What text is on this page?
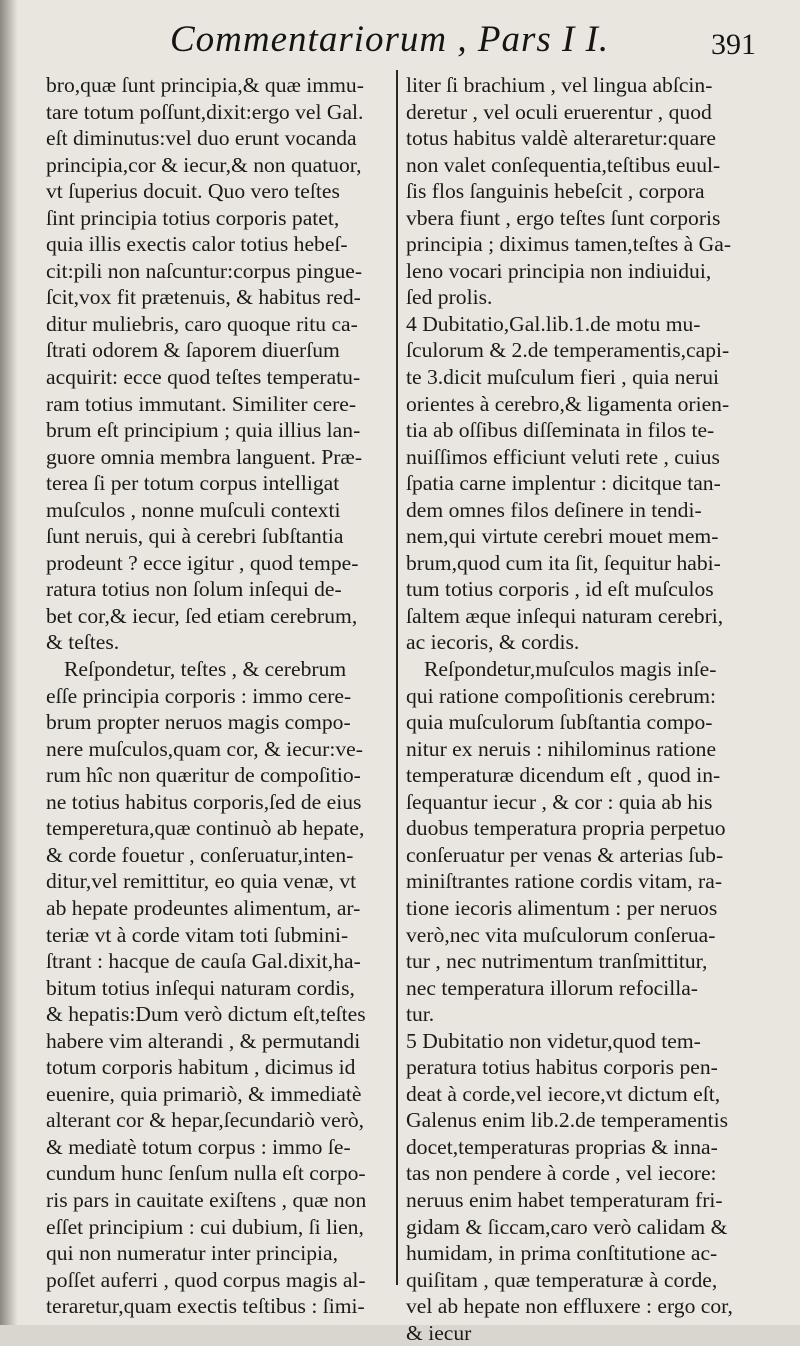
Commentariorum , Pars I I.	391
bro,quæ ſunt principia,& quæ immu-
tare totum poſſunt,dixit:ergo vel Gal.
eſt diminutus:vel duo erunt vocanda
principia,cor & iecur,& non quatuor,
vt ſuperius docuit. Quo vero teſtes
ſint principia totius corporis patet,
quia illis exectis calor totius hebeſ-
cit:pili non naſcuntur:corpus pingue-
ſcit,vox fit prætenuis, & habitus red-
ditur muliebris, caro quoque ritu ca-
ſtrati odorem & ſaporem diuerſum
acquirit: ecce quod teſtes temperatu-
ram totius immutant. Similiter cere-
brum eſt principium ; quia illius lan-
guore omnia membra languent. Præ-
terea ſi per totum corpus intelligat
muſculos , nonne muſculi contexti
ſunt neruis, qui à cerebri ſubſtantia
prodeunt ? ecce igitur , quod tempe-
ratura totius non ſolum inſequi de-
bet cor,& iecur, ſed etiam cerebrum,
& teſtes.
Reſpondetur, teſtes , & cerebrum
eſſe principia corporis : immo cere-
brum propter neruos magis compo-
nere muſculos,quam cor, & iecur:ve-
rum hîc non quæritur de compoſitio-
ne totius habitus corporis,ſed de eius
temperetura,quæ continuò ab hepate,
& corde fouetur , conſeruatur,inten-
ditur,vel remittitur, eo quia venæ, vt
ab hepate prodeuntes alimentum, ar-
teriæ vt à corde vitam toti ſubmini-
ſtrant : hacque de cauſa Gal.dixit,ha-
bitum totius inſequi naturam cordis,
& hepatis:Dum verò dictum eſt,teſtes
habere vim alterandi , & permutandi
totum corporis habitum , dicimus id
euenire, quia primariò, & immediatè
alterant cor & hepar,ſecundariò verò,
& mediatè totum corpus : immo ſe-
cundum hunc ſenſum nulla eſt corpo-
ris pars in cauitate exiſtens , quæ non
eſſet principium : cui dubium, ſi lien,
qui non numeratur inter principia,
poſſet auferri , quod corpus magis al-
teraretur,quam exectis teſtibus : ſimi-
liter ſi brachium , vel lingua abſcin-
deretur , vel oculi eruerentur , quod
totus habitus valdè alteraretur:quare
non valet conſequentia,teſtibus euul-
ſis flos ſanguinis hebeſcit , corpora
vbera fiunt , ergo teſtes ſunt corporis
principia ; diximus tamen,teſtes à Ga-
leno vocari principia non indiuidui,
ſed prolis.
4 Dubitatio,Gal.lib.1.de motu mu-
ſculorum & 2.de temperamentis,capi-
te 3.dicit muſculum fieri , quia nerui
orientes à cerebro,& ligamenta orien-
tia ab oſſibus diſſeminata in filos te-
nuiſſimos efficiunt veluti rete , cuius
ſpatia carne implentur : dicitque tan-
dem omnes filos deſinere in tendi-
nem,qui virtute cerebri mouet mem-
brum,quod cum ita ſit, ſequitur habi-
tum totius corporis , id eſt muſculos
ſaltem æque inſequi naturam cerebri,
ac iecoris, & cordis.
Reſpondetur,muſculos magis inſe-
qui ratione compoſitionis cerebrum:
quia muſculorum ſubſtantia compo-
nitur ex neruis : nihilominus ratione
temperaturæ dicendum eſt , quod in-
ſequantur iecur , & cor : quia ab his
duobus temperatura propria perpetuo
conſeruatur per venas & arterias ſub-
miniſtrantes ratione cordis vitam, ra-
tione iecoris alimentum : per neruos
verò,nec vita muſculorum conſerua-
tur , nec nutrimentum tranſmittitur,
nec temperatura illorum refocilla-
tur.
5 Dubitatio non videtur,quod tem-
peratura totius habitus corporis pen-
deat à corde,vel iecore,vt dictum eſt,
Galenus enim lib.2.de temperamentis
docet,temperaturas proprias & inna-
tas non pendere à corde , vel iecore:
neruus enim habet temperaturam fri-
gidam & ſiccam,caro verò calidam &
humidam, in prima conſtitutione ac-
quiſitam , quæ temperaturæ à corde,
vel ab hepate non effluxere : ergo cor,
& iecur
